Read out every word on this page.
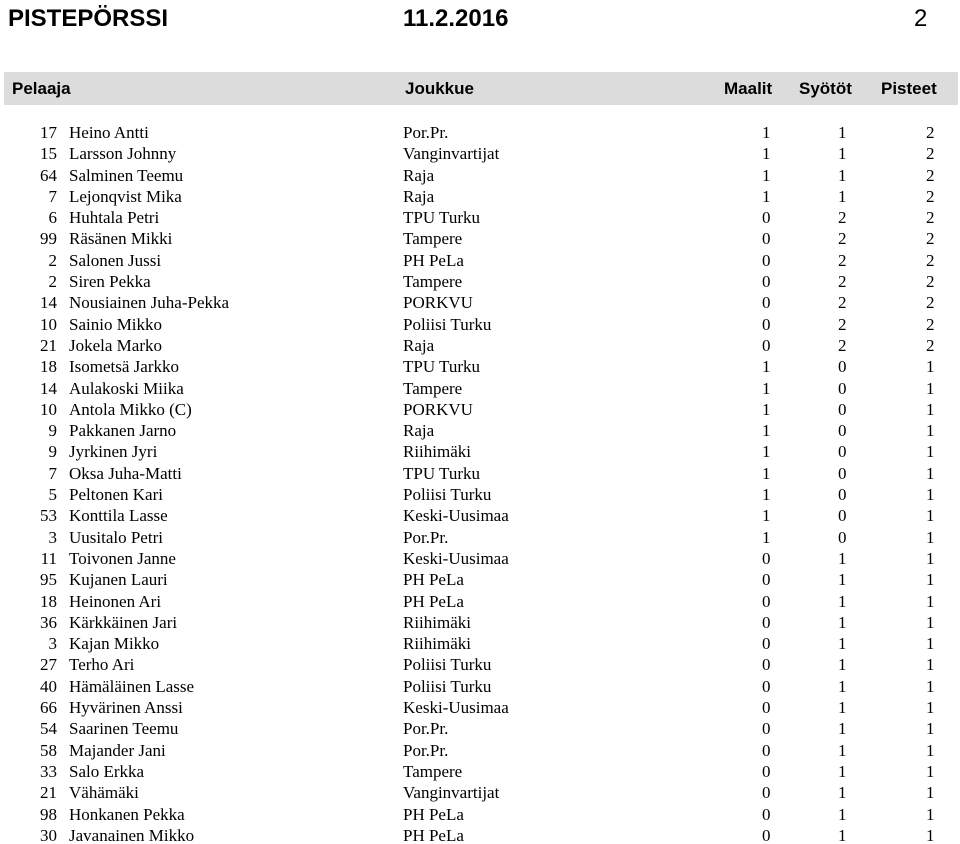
PISTEPÖRSSI	11.2.2016	2
Pelaaja	Joukkue	Maalit Syötöt Pisteet
17 Heino Antti	Por.Pr.	1	1	2
15 Larsson Johnny	Vanginvartijat	1	1	2
64 Salminen Teemu	Raja	1	1	2
7 Lejonqvist Mika	Raja	1	1	2
6 Huhtala Petri	TPU Turku	0	2	2
99 Räsänen Mikki	Tampere	0	2	2
2 Salonen Jussi	PH PeLa	0	2	2
2 Siren Pekka	Tampere	0	2	2
14 Nousiainen Juha-Pekka	PORKVU	0	2	2
10 Sainio Mikko	Poliisi Turku	0	2	2
21 Jokela Marko	Raja	0	2	2
18 Isometsä Jarkko	TPU Turku	1	0	1
14 Aulakoski Miika	Tampere	1	0	1
10 Antola Mikko (C)	PORKVU	1	0	1
9 Pakkanen Jarno	Raja	1	0	1
9 Jyrkinen Jyri	Riihimäki	1	0	1
7 Oksa Juha-Matti	TPU Turku	1	0	1
5 Peltonen Kari	Poliisi Turku	1	0	1
53 Konttila Lasse	Keski-Uusimaa	1	0	1
3 Uusitalo Petri	Por.Pr.	1	0	1
11 Toivonen Janne	Keski-Uusimaa	0	1	1
95 Kujanen Lauri	PH PeLa	0	1	1
18 Heinonen Ari	PH PeLa	0	1	1
36 Kärkkäinen Jari	Riihimäki	0	1	1
3 Kajan Mikko	Riihimäki	0	1	1
27 Terho Ari	Poliisi Turku	0	1	1
40 Hämäläinen Lasse	Poliisi Turku	0	1	1
66 Hyvärinen Anssi	Keski-Uusimaa	0	1	1
54 Saarinen Teemu	Por.Pr.	0	1	1
58 Majander Jani	Por.Pr.	0	1	1
33 Salo Erkka	Tampere	0	1	1
21 Vähämäki	Vanginvartijat	0	1	1
98 Honkanen Pekka	PH PeLa	0	1	1
30 Javanainen Mikko	PH PeLa	0	1	1
